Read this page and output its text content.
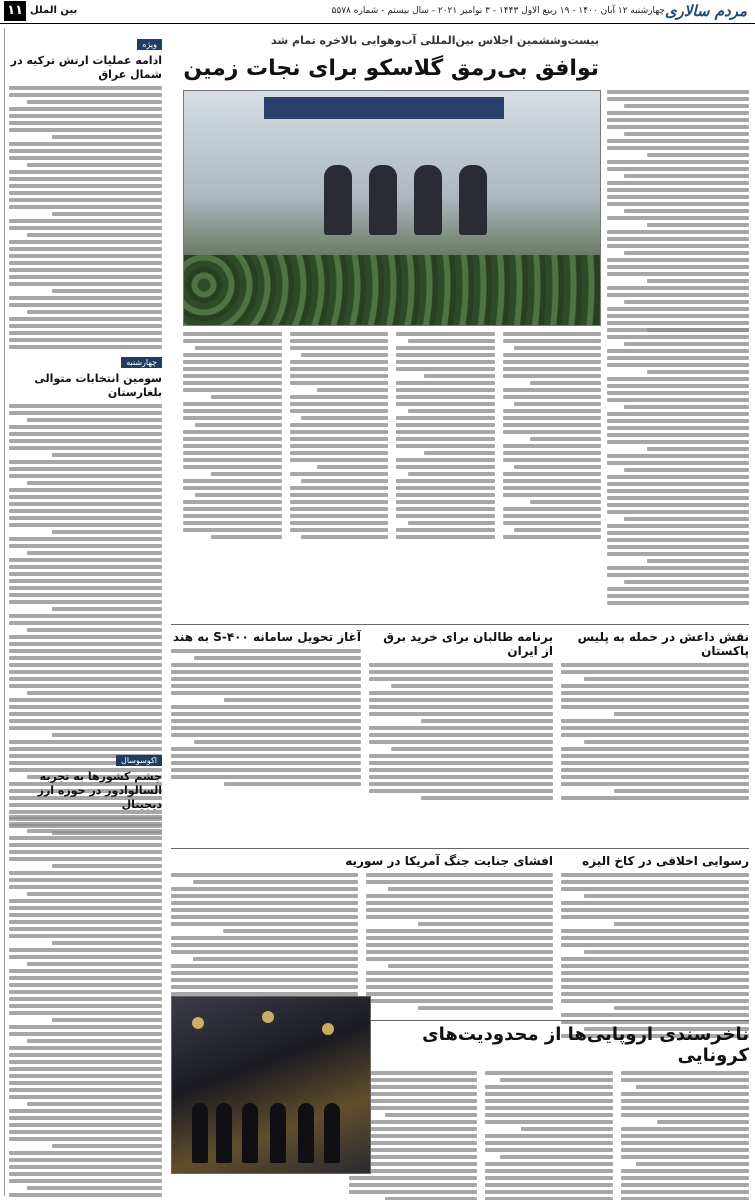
مردم سالاری
چهارشنبه ۱۲ آبان ۱۴۰۰ - ۱۹ ربیع الاول ۱۴۴۳ - ۳ نوامبر ۲۰۲۱ - سال بیستم - شماره ۵۵۷۸
بین الملل
۱۱
بیست‌وششمین اجلاس بین‌المللی آب‌وهوایی بالاخره تمام شد
توافق بی‌رمق گلاسکو برای نجات زمین
نقش داعش در حمله به پلیس پاکستان
برنامه طالبان برای خرید برق از ایران
آغاز تحویل سامانه ۴۰۰-S به هند
رسوایی اخلاقی در کاخ الیزه
افشای جنایت جنگ آمریکا در سوریه
ناخرسندی اروپایی‌ها از محدودیت‌های کرونایی
ویژه
ادامه عملیات ارتش ترکیه در شمال عراق
چهارشنبه
سومین انتخابات متوالی بلغارستان
اکوسوسال
چشم کشورها به تجربه السالوادور در حوزه ارز دیجیتال
